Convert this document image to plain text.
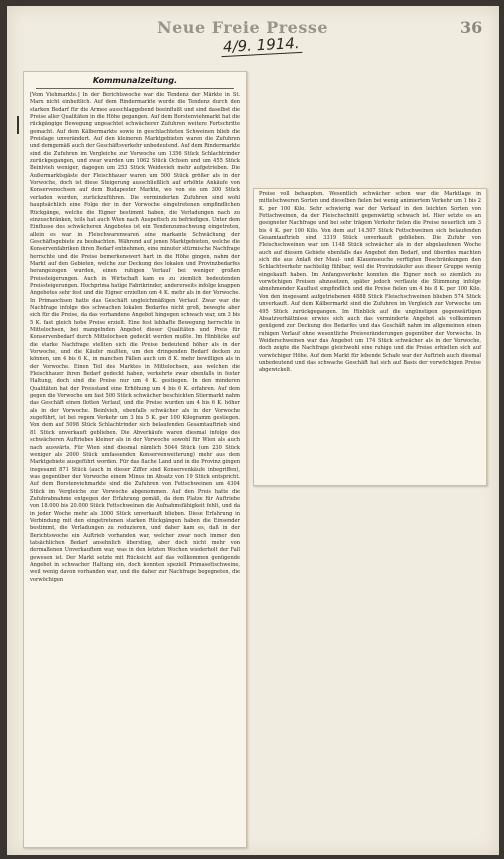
Neue Freie Presse	36
4/9. 1914.
Kommunalzeitung.
[Vom Viehmarkte.] In der Berichtswoche war die Tendenz der Märkte in St. Marx nicht einheitlich. Auf dem Rindermarkte wurde die Tendenz durch den starken Bedarf für die Armee ausschlaggebend beeinflußt und sind daselbst die Preise aller Qualitäten in die Höhe gegangen. Auf dem Borstenviehmarkt hat die rückgängige Bewegung ungeachtet schwächerer Zufuhren weitere Fortschritte gemacht. Auf dem Kälbermarkte sowie in geschlachteten Schweinen blieb die Preislage unverändert. Auf den kleineren Marktgebieten waren die Zufuhren und demgemäß auch der Geschäftsverkehr unbedeutend. Auf dem Rindermarkte sind die Zufuhren im Vergleiche zur Vorwoche um 1356 Stück Schlachtrinder zurückgegangen, und zwar wurden um 1062 Stück Ochsen und um 455 Stück Beinlvieh weniger, dagegen um 253 Stück Weidevieh mehr aufgetrieben. Die Außermarktsgäste der Fleischhauer waren um 500 Stück größer als in der Vorwoche, doch ist diese Steigerung ausschließlich auf erhöhte Ankäufe von Konservenochsen auf dem Budapester Markte, wo von sie um 300 Stück verladen wurden, zurückzuführen. Die verminderten Zufuhren sind wohl hauptsächlich eine Folge der in der Vorwoche eingetretenen empfindlichen Rückgänge, welche die Eigner bestimmt haben, die Verladungen nach zu einzuschränken, teils hat auch Wien nach Auspeitsch zu befriedigen. Unter dem Einflusse des schwächeren Angebotes ist ein Tendenzumschwung eingetreten, allein es war in Fleischwarenwaren eine markante Schwächung der Geschäftsgebiete zu beobachten. Während auf jenen Marktgebieten, welche die Konservenfabriken ihren Bedarf entnehmen, eine minuter stürmische Nachfrage herrschte und die Preise bemerkenswert hart in die Höhe gingen, nahm der Markt auf den Gebieten, welche zur Deckung des lokalen und Provinzbedarfes herangezogen wurden, einen ruhigen Verlauf bei weniger großen Preissteigerungen. Auch in Wirtschaft kam es zu ziemlich bedeutenden Preissteigerungen. Hochprima hatige Fabrikrinder, andererseits infolge knappen Angebotes sehr fest und die Eigner erzielten um 4 K. mehr als in der Vorwoche. In Primaochsen hatte das Geschäft ungleichmäßigen Verlauf. Zwar war die Nachfrage infolge des schwachen lokalen Bedarfes nicht groß, bewegte aber sich für die Preise, da das vorhandene Angebot hingegen schwach war, um 3 bis 5 K. fast gleich hohe Preise erzielt. Eine fest lebhafte Bewegung herrschte in Mittelochsen, bei mangelnden Angebot dieser Qualitäten und Preis für Konservenbedarf durch Mittelochsen gedeckt werden mußte. Im Hinblicke auf die starke Nachfrage stellten sich die Preise bedeutend höher als in der Vorwoche, und die Käufer mußten, um den dringenden Bedarf decken zu können, um 4 bis 6 K., in manchen Fällen auch um 8 K. mehr bewilligen als in der Vorwoche. Einen Teil des Marktes in Mittelochsen, aus welchen die Fleischhauer ihren Bedarf gedeckt haben, verkehrte zwar ebenfalls in fester Haltung, doch sind die Preise nur um 4 K. gestiegen. In den minderen Qualitäten hat der Preisstand eine Erhöhung um 4 bis 6 K. erfahren. Auf dem gegen die Vorwoche um fast 500 Stück schwächer beschickten Stiermarkt nahm das Geschäft einen flotten Verlauf, und die Preise wurden um 4 bis 6 K. höher als in der Vorwoche. Beinlvieh, ebenfalls schwächer als in der Vorwoche zugeführt, ist bei regem Verkehr um 3 bis 5 K. per 100 Kilogramm gestiegen. Von dem auf 5098 Stück Schlachtrinder sich belaufenden Gesamtauftrieb sind 81 Stück unverkauft geblieben. Die Abverkäufe waren diesmal infolge des schwächeren Auftriebes kleiner als in der Vorwoche sowohl für Wien als auch nach auswärts. Für Wien sind diesmal nämlich 5044 Stück (um 230 Stück weniger als 2000 Stück umfassenden Konservenweiterung) mehr aus dem Marktgebiete ausgeführt worden. Für das flache Land und in die Provinz gingen insgesamt 871 Stück (auch in dieser Ziffer sind Konservenkäufe inbegriffen), was gegenüber der Vorwoche einem Minus im Absatz von 19 Stück entspricht. Auf dem Borstenviehmarkte sind die Zufuhren von Fettschweinen um 4304 Stück im Vergleiche zur Vorwoche abgenommen. Auf den Preis hatte die Zufuhrabnahme entgegen der Erfahrung gemäß, da dem Platze für Auftriebe von 18.000 bis 20.000 Stück Fettschweinen die Aufnahmsfähigkeit fehlt, und da in jeder Woche mehr als 3000 Stück unverkauft blieben. Diese Erfahrung in Verbindung mit den eingetretenen starken Rückgängen haben die Einsender bestimmt, die Verladungen zu reduzieren, und daher kam es, daß in der Berichtswoche ein Auftrieb vorhanden war, welcher zwar noch immer den tatsächlichen Bedarf ansehnlich überstieg, aber doch nicht mehr von dermaßenen Unverkauftem war, was in den letzten Wochen wiederholt der Fall gewesen ist. Der Markt setzte mit Rücksicht auf das vollkommen genügende Angebot in schwacher Haltung ein, doch konnten speziell Primasettschweine, weil wenig davon vorhanden war, und die daher zur Nachfrage begegneten, die vorwöchigen
Preise voll behaupten. Wesentlich schwächer schon war die Marktlage in mittelschweren Sorten und dieselben fielen bei wenig animiertem Verkehr um 1 bis 2 K. per 100 Kilo. Sehr schwierig war der Verkauf in den leichten Sorten von Fettschweinen, da der Fleischschnitt gegenwärtig schwach ist. Hier setzte es an geeigneter Nachfrage und bei sehr trägem Verkehr fielen die Preise neuerlich um 3 bis 4 K. per 100 Kilo. Von dem auf 14.507 Stück Fettschweinen sich belaufenden Gesamtauftrieb sind 3319 Stück unverkauft geblieben. Die Zufuhr von Fleischschweinen war um 1148 Stück schwächer als in der abgelaufenen Woche auch auf diesem Gebiete ebenfalls das Angebot den Bedarf, und überdies machten sich die aus Anlaß der Maul- und Klauenseuche verfügten Beschränkungen den Schlachtverkehr nachteilig fühlbar, weil die Provinzkäufer aus dieser Gruppe wenig eingekauft haben. Im Anfangsverkehr konnten die Eigner noch so ziemlich zu vorwöchigen Preisen abzusetzen, später jedoch verflaute die Stimmung infolge abnehmender Kauflust empfindlich und die Preise fielen um 4 bis 8 K. per 100 Kilo. Von den insgesamt aufgetriebenen 4888 Stück Fleischschweinen blieben 574 Stück unverkauft. Auf dem Kälbermarkt sind die Zufuhren im Vergleich zur Vorwoche um 495 Stück zurückgegangen. Im Hinblick auf die ungünstigen gegenwärtigen Absatzverhältnisse erwies sich auch das verminderte Angebot als vollkommen genügend zur Deckung des Bedarfes und das Geschäft nahm im allgemeinen einen ruhigen Verlauf ohne wesentliche Preisveränderungen gegenüber der Vorwoche. In Weiderschweinen war das Angebot um 174 Stück schwächer als in der Vorwoche, doch zeigte die Nachfrage gleichwohl eine ruhige und die Preise erhielten sich auf vorwöchiger Höhe. Auf dem Markt für lebende Schafe war der Auftrieb auch diesmal unbedeutend und das schwache Geschäft hat sich auf Basis der vorwöchigen Preise abgewickelt.
